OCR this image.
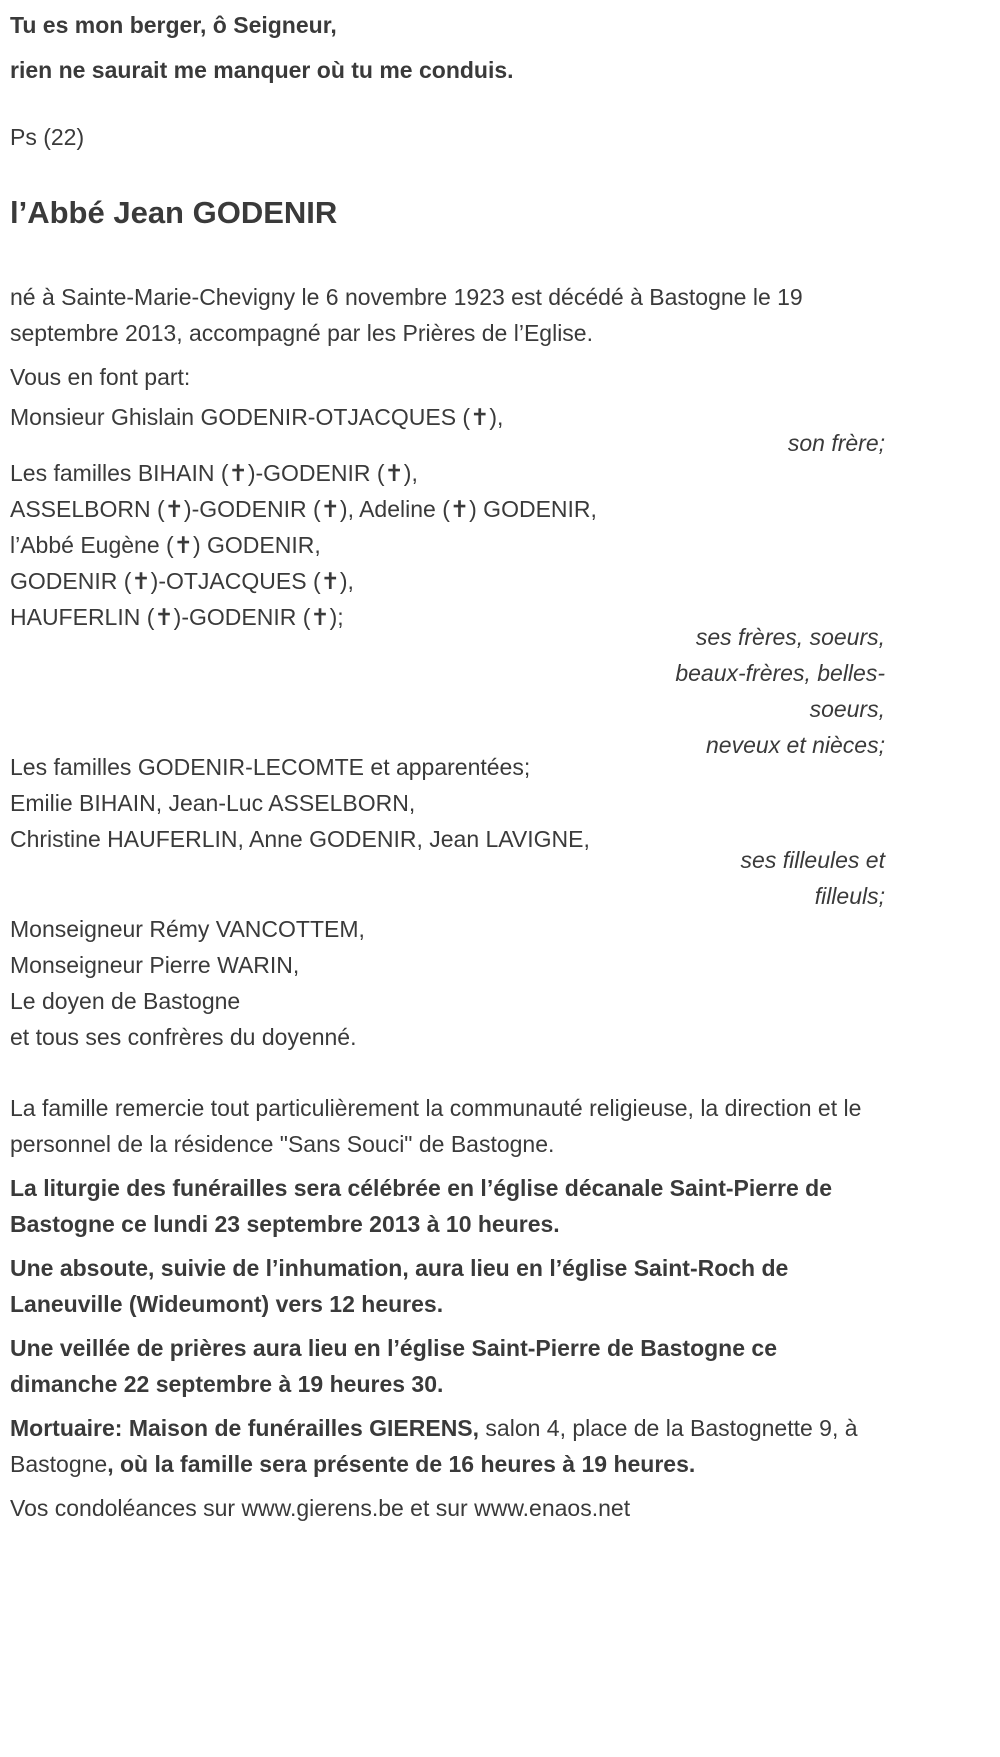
Tu es mon berger, ô Seigneur,

rien ne saurait me manquer où tu me conduis.

Ps (22)

l’Abbé Jean GODENIR

né à Sainte-Marie-Chevigny le 6 novembre 1923 est décédé à Bastogne le 19 septembre 2013, accompagné par les Prières de l’Eglise.

Vous en font part:

Monsieur Ghislain GODENIR-OTJACQUES (✝),

son frère;

Les familles BIHAIN (✝)-GODENIR (✝),

ASSELBORN (✝)-GODENIR (✝), Adeline (✝) GODENIR,

l’Abbé Eugène (✝) GODENIR,

GODENIR (✝)-OTJACQUES (✝),

HAUFERLIN (✝)-GODENIR (✝);

ses frères, soeurs,

beaux-frères, belles-

soeurs,

neveux et nièces;

Les familles GODENIR-LECOMTE et apparentées;

Emilie BIHAIN, Jean-Luc ASSELBORN,

Christine HAUFERLIN, Anne GODENIR, Jean LAVIGNE,

ses filleules et

filleuls;

Monseigneur Rémy VANCOTTEM,

Monseigneur Pierre WARIN,

Le doyen de Bastogne

et tous ses confrères du doyenné.

La famille remercie tout particulièrement la communauté religieuse, la direction et le personnel de la résidence "Sans Souci" de Bastogne.

La liturgie des funérailles sera célébrée en l’église décanale Saint-Pierre de Bastogne ce lundi 23 septembre 2013 à 10 heures.

Une absoute, suivie de l’inhumation, aura lieu en l’église Saint-Roch de Laneuville (Wideumont) vers 12 heures.

Une veillée de prières aura lieu en l’église Saint-Pierre de Bastogne ce dimanche 22 septembre à 19 heures 30.

Mortuaire: Maison de funérailles GIERENS, salon 4, place de la Bastognette 9, à Bastogne, où la famille sera présente de 16 heures à 19 heures.

Vos condoléances sur www.gierens.be et sur www.enaos.net
